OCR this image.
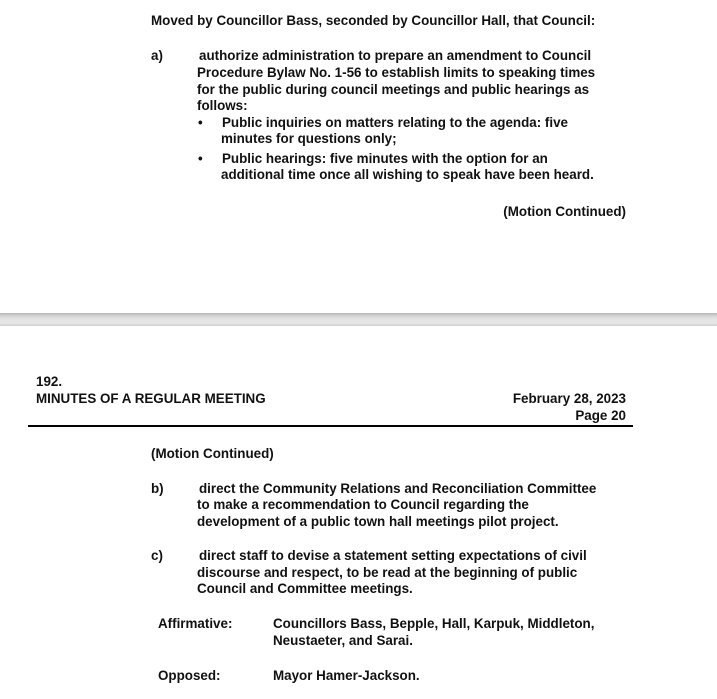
Moved by Councillor Bass, seconded by Councillor Hall, that Council:
a)	authorize administration to prepare an amendment to Council
Procedure Bylaw No. 1-56 to establish limits to speaking times
for the public during council meetings and public hearings as
follows:
• Public inquiries on matters relating to the agenda: five
minutes for questions only;
• Public hearings: five minutes with the option for an
additional time once all wishing to speak have been heard.
(Motion Continued)
192.
MINUTES OF A REGULAR MEETING	February 28, 2023
Page 20
(Motion Continued)
b)	direct the Community Relations and Reconciliation Committee
to make a recommendation to Council regarding the
development of a public town hall meetings pilot project.
c)	direct staff to devise a statement setting expectations of civil
discourse and respect, to be read at the beginning of public
Council and Committee meetings.
Affirmative:	Councillors Bass, Bepple, Hall, Karpuk, Middleton,
Neustaeter, and Sarai.
Opposed:	Mayor Hamer-Jackson.
